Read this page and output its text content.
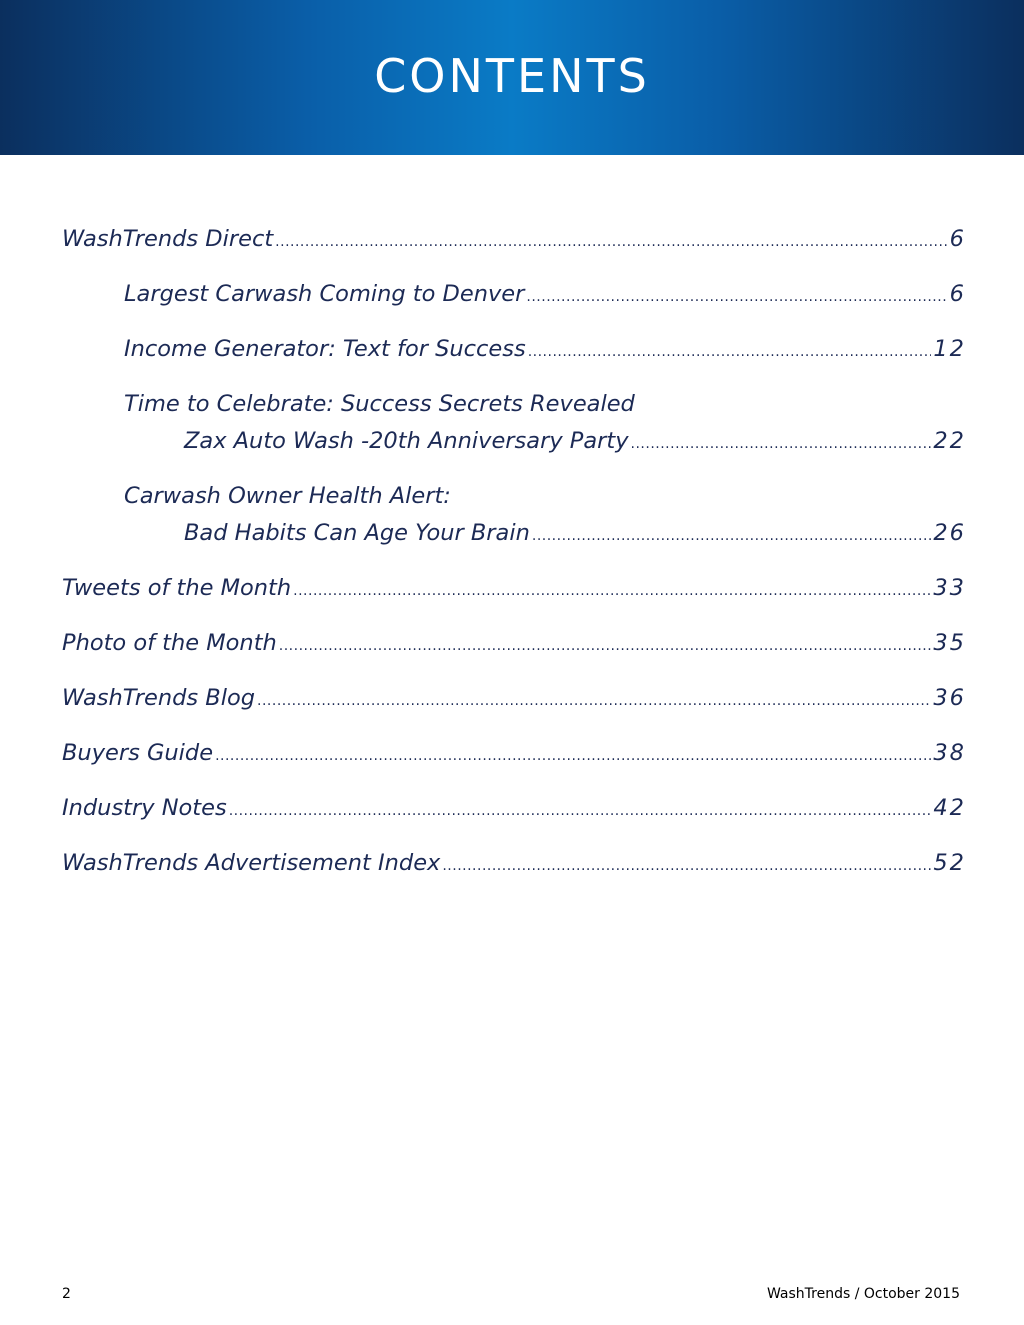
CONTENTS
WashTrends Direct .....	6
Largest Carwash Coming to Denver .....	6
Income Generator: Text for Success .....	12
Time to Celebrate: Success Secrets Revealed
Zax Auto Wash -20th Anniversary Party .....	22
Carwash Owner Health Alert:
Bad Habits Can Age Your Brain .....	26
Tweets of the Month .....	33
Photo of the Month .....	35
WashTrends Blog .....	36
Buyers Guide .....	38
Industry Notes .....	42
WashTrends Advertisement Index .....	52
2	WashTrends / October 2015
